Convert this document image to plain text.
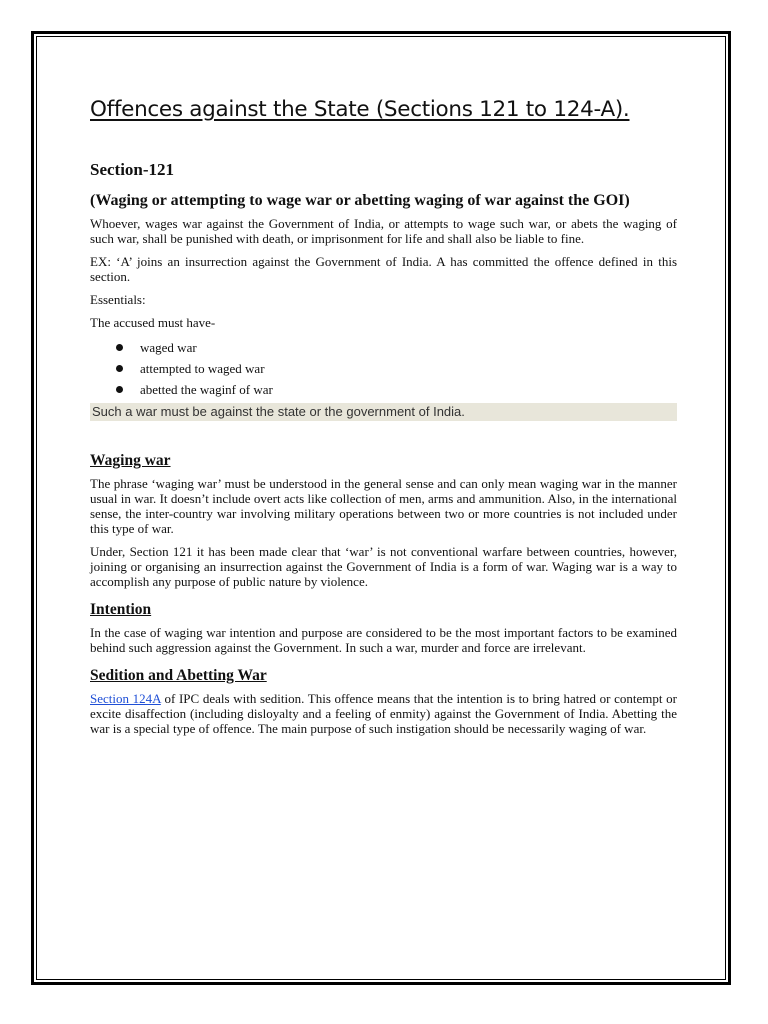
Offences against the State (Sections 121 to 124-A).
Section-121
(Waging or attempting to wage war or abetting waging of war against the GOI)

Whoever, wages war against the Government of India, or attempts to wage such war, or abets the waging of such war, shall be punished with death, or imprisonment for life and shall also be liable to fine.

EX: ‘A’ joins an insurrection against the Government of India. A has committed the offence defined in this section.

Essentials:

The accused must have-

waged war
attempted to waged war
abetted the waginf of war
Such a war must be against the state or the government of India.
Waging war

The phrase ‘waging war’ must be understood in the general sense and can only mean waging war in the manner usual in war. It doesn’t include overt acts like collection of men, arms and ammunition. Also, in the international sense, the inter-country war involving military operations between two or more countries is not included under this type of war.

Under, Section 121 it has been made clear that ‘war’ is not conventional warfare between countries, however, joining or organising an insurrection against the Government of India is a form of war. Waging war is a way to accomplish any purpose of public nature by violence.

Intention

In the case of waging war intention and purpose are considered to be the most important factors to be examined behind such aggression against the Government. In such a war, murder and force are irrelevant.

Sedition and Abetting War

Section 124A of IPC deals with sedition. This offence means that the intention is to bring hatred or contempt or excite disaffection (including disloyalty and a feeling of enmity) against the Government of India. Abetting the war is a special type of offence. The main purpose of such instigation should be necessarily waging of war.
